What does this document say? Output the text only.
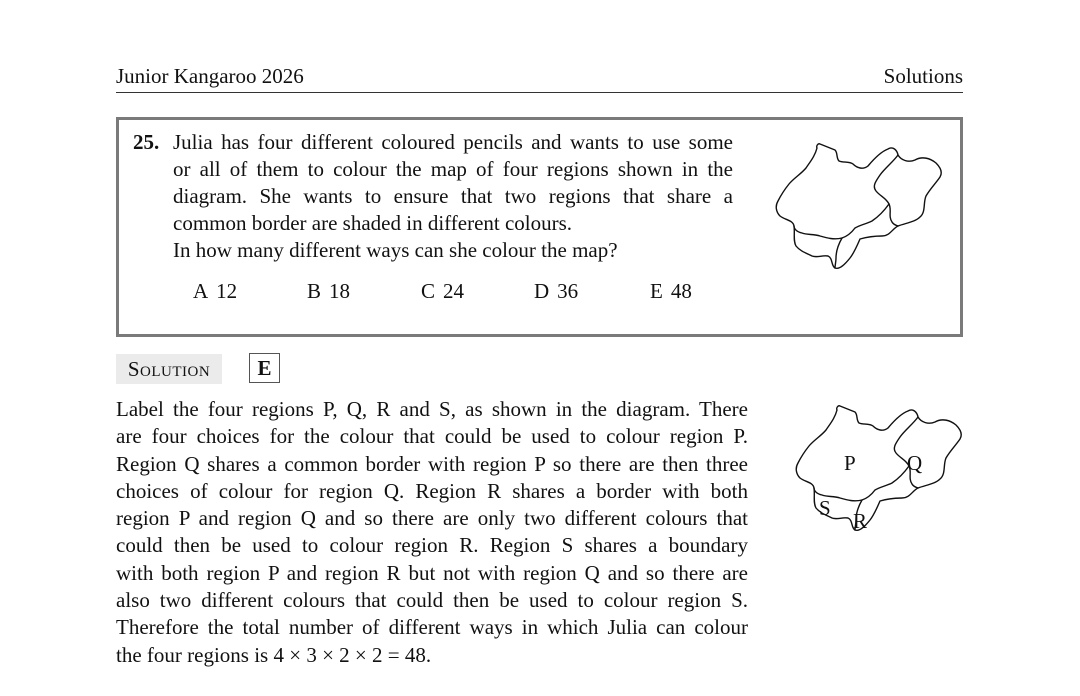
Junior Kangaroo 2026	Solutions
25. Julia has four different coloured pencils and wants to use some
or all of them to colour the map of four regions shown in the
diagram. She wants to ensure that two regions that share a
common border are shaded in different colours.
In how many different ways can she colour the map?
A 12	B 18	C 24	D 36	E 48
Solution	E
Label the four regions P, Q, R and S, as shown in the diagram. There
are four choices for the colour that could be used to colour region P.
Region Q shares a common border with region P so there are then three
choices of colour for region Q. Region R shares a border with both
region P and region Q and so there are only two different colours that
could then be used to colour region R. Region S shares a boundary
with both region P and region R but not with region Q and so there are
also two different colours that could then be used to colour region S.
Therefore the total number of different ways in which Julia can colour
the four regions is 4 × 3 × 2 × 2 = 48.
P Q
R
S
